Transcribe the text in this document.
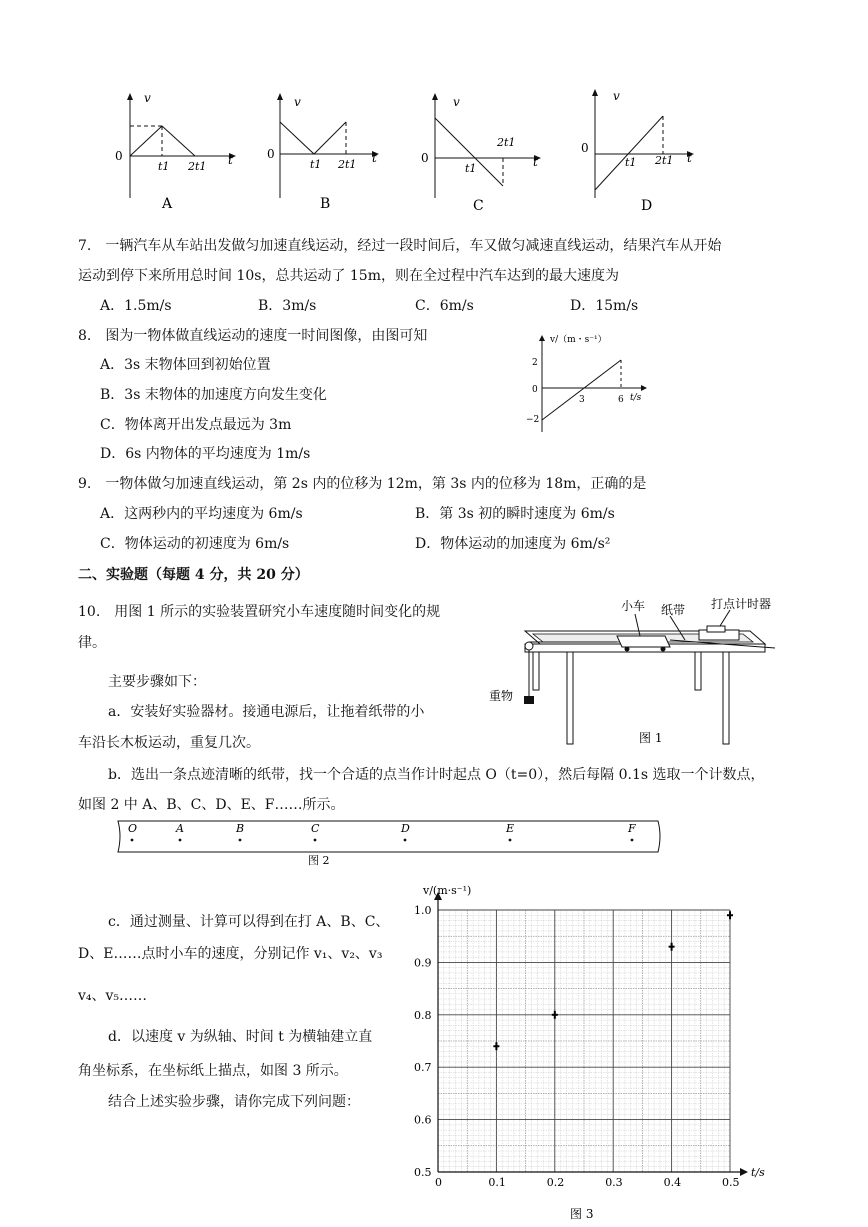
v
0
t1 2t1 t
A
v
0
t1 2t1 t
B
v
0
t1
2t1
t
C
v
0
t1 2t1 t
D
7.　一辆汽车从车站出发做匀加速直线运动，经过一段时间后，车又做匀减速直线运动，结果汽车从开始
运动到停下来所用总时间 10s，总共运动了 15m，则在全过程中汽车达到的最大速度为
A．1.5m/s	B．3m/s	C．6m/s	D．15m/s
8.　图为一物体做直线运动的速度一时间图像，由图可知
A．3s 末物体回到初始位置
B．3s 末物体的加速度方向发生变化
C．物体离开出发点最远为 3m
D．6s 内物体的平均速度为 1m/s
v/（m・s⁻¹）
2
0
−2
3	6 t/s
9.　一物体做匀加速直线运动，第 2s 内的位移为 12m，第 3s 内的位移为 18m，正确的是
A．这两秒内的平均速度为 6m/s	B．第 3s 初的瞬时速度为 6m/s
C．物体运动的初速度为 6m/s	D．物体运动的加速度为 6m/s²
二、实验题（每题 4 分，共 20 分）
10.　用图 1 所示的实验装置研究小车速度随时间变化的规
律。
主要步骤如下：
a．安装好实验器材。接通电源后，让拖着纸带的小
车沿长木板运动，重复几次。
b．选出一条点迹清晰的纸带，找一个合适的点当作计时起点 O（t=0），然后每隔 0.1s 选取一个计数点，
如图 2 中 A、B、C、D、E、F……所示。
小车 纸带 打点计时器
重物
图 1
O	A	B	C	D	E	F
图 2
c．通过测量、计算可以得到在打 A、B、C、
D、E……点时小车的速度，分别记作 v₁、v₂、v₃
v₄、v₅……
d．以速度 v 为纵轴、时间 t 为横轴建立直
角坐标系，在坐标纸上描点，如图 3 所示。
结合上述实验步骤，请你完成下列问题：
0	0.1	0.2	0.3	0.4	0.5
0.5
0.6
0.7
0.8
0.9
1.0
v/(m·s⁻¹)
t/s
图 3
